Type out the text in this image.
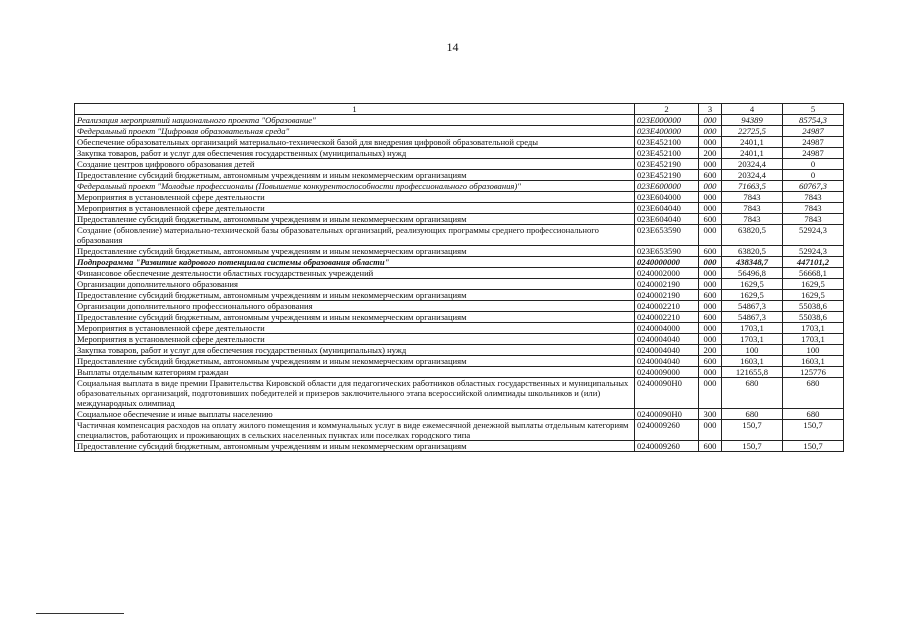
14
1	2	3	4	5
Реализация мероприятий национального проекта "Образование"	023E000000	000	94389	85754,3
Федеральный проект "Цифровая образовательная среда"	023E400000	000	22725,5	24987
Обеспечение образовательных организаций материально-технической базой для внедрения цифровой образовательной среды	023E452100	000	2401,1	24987
Закупка товаров, работ и услуг для обеспечения государственных (муниципальных) нужд	023E452100	200	2401,1	24987
Создание центров цифрового образования детей	023E452190	000	20324,4	0
Предоставление субсидий бюджетным, автономным учреждениям и иным некоммерческим организациям	023E452190	600	20324,4	0
Федеральный проект "Молодые профессионалы (Повышение конкурентоспособности профессионального образования)"	023E600000	000	71663,5	60767,3
Мероприятия в установленной сфере деятельности	023E604000	000	7843	7843
Мероприятия в установленной сфере деятельности	023E604040	000	7843	7843
Предоставление субсидий бюджетным, автономным учреждениям и иным некоммерческим организациям	023E604040	600	7843	7843
Создание (обновление) материально-технической базы образовательных организаций, реализующих программы среднего профессионального образования	023E653590	000	63820,5	52924,3
Предоставление субсидий бюджетным, автономным учреждениям и иным некоммерческим организациям	023E653590	600	63820,5	52924,3
Подпрограмма "Развитие кадрового потенциала системы образования области"	0240000000	000	438348,7	447101,2
Финансовое обеспечение деятельности областных государственных учреждений	0240002000	000	56496,8	56668,1
Организации дополнительного образования	0240002190	000	1629,5	1629,5
Предоставление субсидий бюджетным, автономным учреждениям и иным некоммерческим организациям	0240002190	600	1629,5	1629,5
Организации дополнительного профессионального образования	0240002210	000	54867,3	55038,6
Предоставление субсидий бюджетным, автономным учреждениям и иным некоммерческим организациям	0240002210	600	54867,3	55038,6
Мероприятия в установленной сфере деятельности	0240004000	000	1703,1	1703,1
Мероприятия в установленной сфере деятельности	0240004040	000	1703,1	1703,1
Закупка товаров, работ и услуг для обеспечения государственных (муниципальных) нужд	0240004040	200	100	100
Предоставление субсидий бюджетным, автономным учреждениям и иным некоммерческим организациям	0240004040	600	1603,1	1603,1
Выплаты отдельным категориям граждан	0240009000	000	121655,8	125776
Социальная выплата в виде премии Правительства Кировской области для педагогических работников областных государственных и муниципальных образовательных организаций, подготовивших победителей и призеров заключительного этапа всероссийской олимпиады школьников и (или) международных олимпиад	02400090H0	000	680	680
Социальное обеспечение и иные выплаты населению	02400090H0	300	680	680
Частичная компенсация расходов на оплату жилого помещения и коммунальных услуг в виде ежемесячной денежной выплаты отдельным категориям специалистов, работающих и проживающих в сельских населенных пунктах или поселках городского типа	0240009260	000	150,7	150,7
Предоставление субсидий бюджетным, автономным учреждениям и иным некоммерческим организациям	0240009260	600	150,7	150,7
